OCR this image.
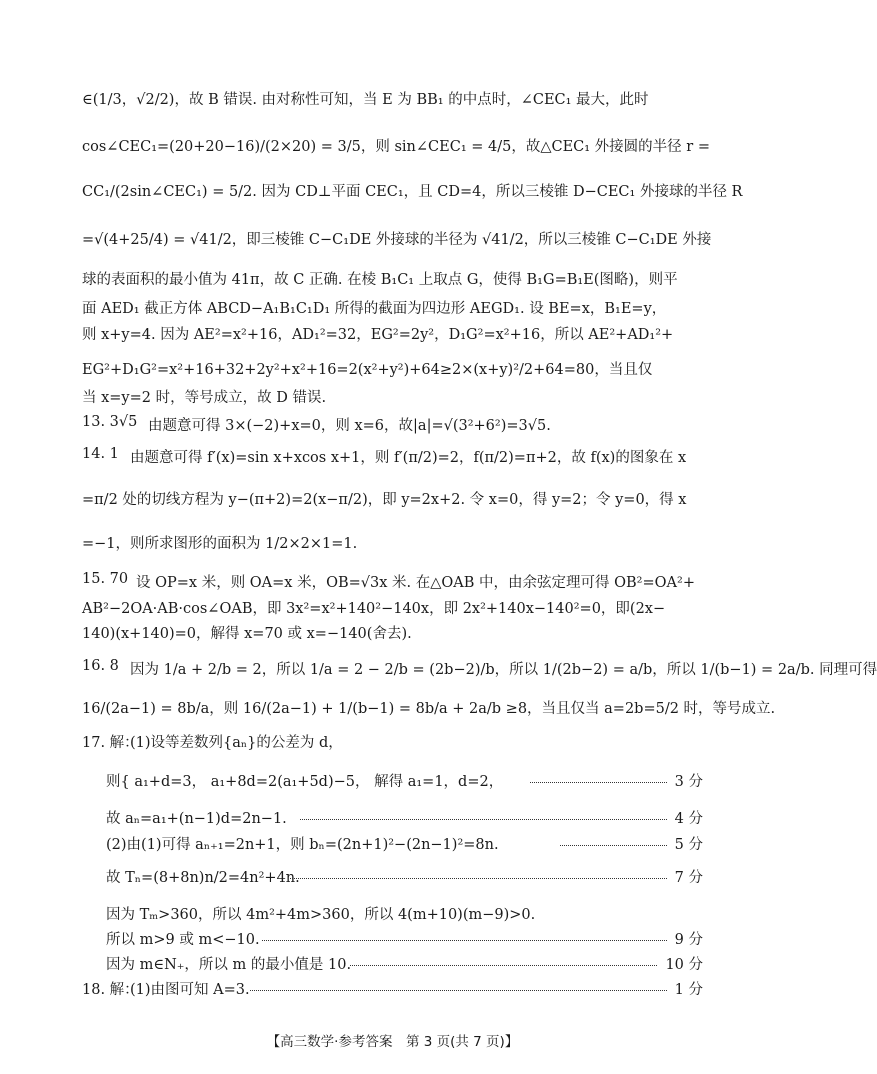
∈(1/3，√2/2)，故 B 错误. 由对称性可知，当 E 为 BB₁ 的中点时，∠CEC₁ 最大，此时
cos∠CEC₁=(20+20−16)/(2×20) = 3/5，则 sin∠CEC₁ = 4/5，故△CEC₁ 外接圆的半径 r =
CC₁/(2sin∠CEC₁) = 5/2. 因为 CD⊥平面 CEC₁，且 CD=4，所以三棱锥 D−CEC₁ 外接球的半径 R
=√(4+25/4) = √41/2，即三棱锥 C−C₁DE 外接球的半径为 √41/2，所以三棱锥 C−C₁DE 外接
球的表面积的最小值为 41π，故 C 正确. 在棱 B₁C₁ 上取点 G，使得 B₁G=B₁E(图略)，则平
面 AED₁ 截正方体 ABCD−A₁B₁C₁D₁ 所得的截面为四边形 AEGD₁. 设 BE=x，B₁E=y，
则 x+y=4. 因为 AE²=x²+16，AD₁²=32，EG²=2y²，D₁G²=x²+16，所以 AE²+AD₁²+
EG²+D₁G²=x²+16+32+2y²+x²+16=2(x²+y²)+64≥2×(x+y)²/2+64=80，当且仅
当 x=y=2 时，等号成立，故 D 错误.
13. 3√5 由题意可得 3×(−2)+x=0，则 x=6，故|a|=√(3²+6²)=3√5.
14. 1 由题意可得 f′(x)=sin x+xcos x+1，则 f′(π/2)=2，f(π/2)=π+2，故 f(x)的图象在 x
=π/2 处的切线方程为 y−(π+2)=2(x−π/2)，即 y=2x+2. 令 x=0，得 y=2；令 y=0，得 x
=−1，则所求图形的面积为 1/2×2×1=1.
15. 70 设 OP=x 米，则 OA=x 米，OB=√3x 米. 在△OAB 中，由余弦定理可得 OB²=OA²+
AB²−2OA·AB·cos∠OAB，即 3x²=x²+140²−140x，即 2x²+140x−140²=0，即(2x−
140)(x+140)=0，解得 x=70 或 x=−140(舍去).
16. 8 因为 1/a + 2/b = 2，所以 1/a = 2 − 2/b = (2b−2)/b，所以 1/(2b−2) = a/b，所以 1/(b−1) = 2a/b. 同理可得
16/(2a−1) = 8b/a，则 16/(2a−1) + 1/(b−1) = 8b/a + 2a/b ≥8，当且仅当 a=2b=5/2 时，等号成立.
17. 解：
(1)设等差数列{aₙ}的公差为 d，
则{ a₁+d=3， a₁+8d=2(a₁+5d)−5， 解得 a₁=1，d=2，	3 分
故 aₙ=a₁+(n−1)d=2n−1.	4 分
(2)由(1)可得 aₙ₊₁=2n+1，则 bₙ=(2n+1)²−(2n−1)²=8n.	5 分
故 Tₙ=(8+8n)n/2=4n²+4n.	7 分
因为 Tₘ>360，所以 4m²+4m>360，所以 4(m+10)(m−9)>0.
所以 m>9 或 m<−10.	9 分
因为 m∈N₊，所以 m 的最小值是 10.	10 分
18. 解：
(1)由图可知 A=3.	1 分
【高三数学·参考答案　第 3 页(共 7 页)】
